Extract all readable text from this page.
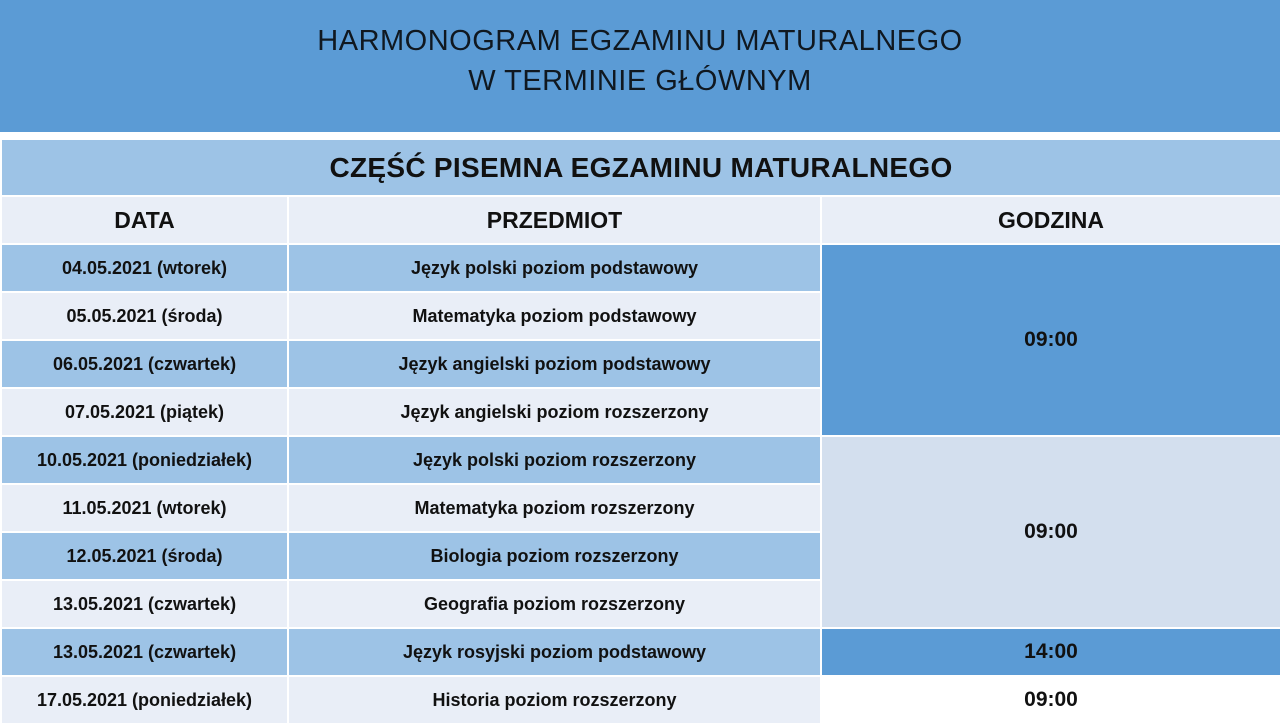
HARMONOGRAM EGZAMINU MATURALNEGO
W TERMINIE GŁÓWNYM
CZĘŚĆ PISEMNA EGZAMINU MATURALNEGO		
DATA	PRZEDMIOT	GODZINA
04.05.2021 (wtorek)	Język polski poziom podstawowy	09:00
05.05.2021 (środa)	Matematyka poziom podstawowy	
06.05.2021 (czwartek)	Język angielski poziom podstawowy	
07.05.2021 (piątek)	Język angielski poziom rozszerzony	
10.05.2021 (poniedziałek)	Język polski poziom rozszerzony	09:00
11.05.2021 (wtorek)	Matematyka poziom rozszerzony	
12.05.2021 (środa)	Biologia poziom rozszerzony	
13.05.2021 (czwartek)	Geografia poziom rozszerzony	
13.05.2021 (czwartek)	Język rosyjski poziom podstawowy	14:00
17.05.2021 (poniedziałek)	Historia poziom rozszerzony	09:00
